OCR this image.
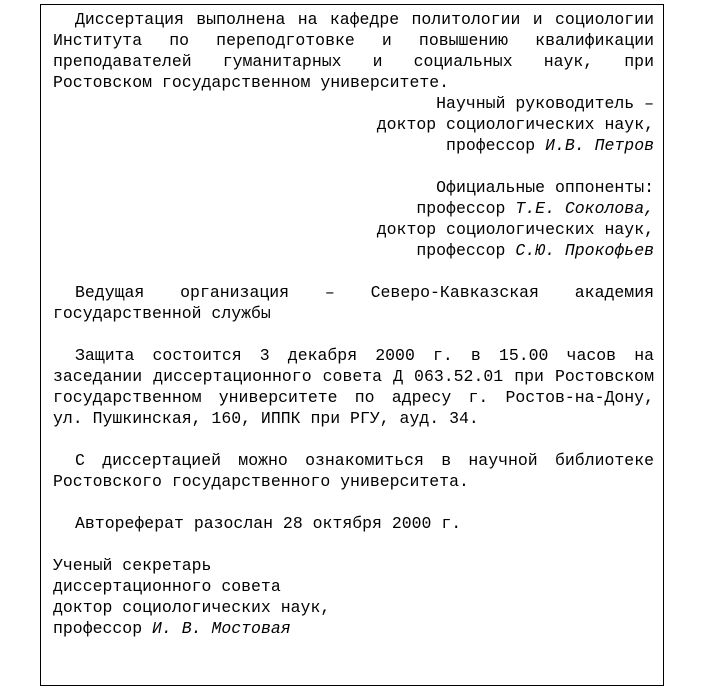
Диссертация выполнена на кафедре политологии и социологии Института по переподготовке и повышению квалификации преподавателей гуманитарных и социальных наук, при Ростовском государственном университете.

Научный руководитель –

доктор социологических наук,

профессор И.В. Петров

Официальные оппоненты:

профессор Т.Е. Соколова,

доктор социологических наук,

профессор С.Ю. Прокофьев

Ведущая организация – Северо-Кавказская академия государственной службы

Защита состоится 3 декабря 2000 г. в 15.00 часов на заседании диссертационного совета Д 063.52.01 при Ростовском государственном университете по адресу г. Ростов-на-Дону, ул. Пушкинская, 160, ИППК при РГУ, ауд. 34.

С диссертацией можно ознакомиться в научной библиотеке Ростовского государственного университета.

Автореферат разослан 28 октября 2000 г.

Ученый секретарь

диссертационного совета

доктор социологических наук,

профессор И. В. Мостовая
